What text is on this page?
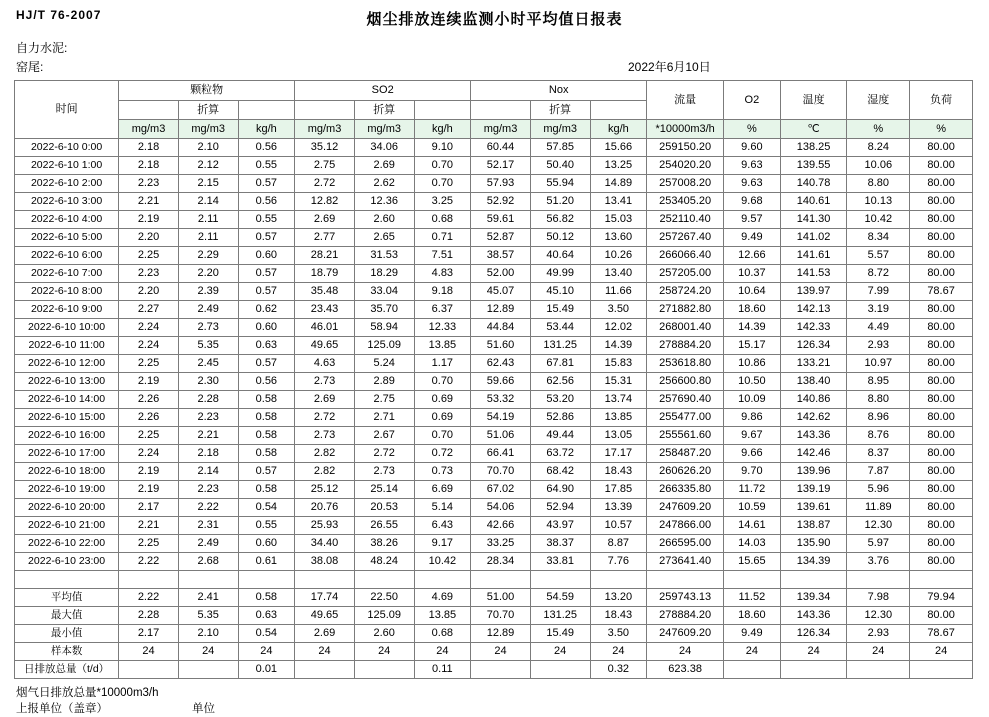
HJ/T 76-2007	烟尘排放连续监测小时平均值日报表
自力水泥:
窑尾:	2022年6月10日
时间	颗粒物			SO2			Nox			流量	O2	温度	湿度	负荷
		折算			折算			折算						
	mg/m3	mg/m3	kg/h	mg/m3	mg/m3	kg/h	mg/m3	mg/m3	kg/h	*10000m3/h	%	℃	%	%
2022-6-10 0:00	2.18	2.10	0.56	35.12	34.06	9.10	60.44	57.85	15.66	259150.20	9.60	138.25	8.24	80.00
2022-6-10 1:00	2.18	2.12	0.55	2.75	2.69	0.70	52.17	50.40	13.25	254020.20	9.63	139.55	10.06	80.00
2022-6-10 2:00	2.23	2.15	0.57	2.72	2.62	0.70	57.93	55.94	14.89	257008.20	9.63	140.78	8.80	80.00
2022-6-10 3:00	2.21	2.14	0.56	12.82	12.36	3.25	52.92	51.20	13.41	253405.20	9.68	140.61	10.13	80.00
2022-6-10 4:00	2.19	2.11	0.55	2.69	2.60	0.68	59.61	56.82	15.03	252110.40	9.57	141.30	10.42	80.00
2022-6-10 5:00	2.20	2.11	0.57	2.77	2.65	0.71	52.87	50.12	13.60	257267.40	9.49	141.02	8.34	80.00
2022-6-10 6:00	2.25	2.29	0.60	28.21	31.53	7.51	38.57	40.64	10.26	266066.40	12.66	141.61	5.57	80.00
2022-6-10 7:00	2.23	2.20	0.57	18.79	18.29	4.83	52.00	49.99	13.40	257205.00	10.37	141.53	8.72	80.00
2022-6-10 8:00	2.20	2.39	0.57	35.48	33.04	9.18	45.07	45.10	11.66	258724.20	10.64	139.97	7.99	78.67
2022-6-10 9:00	2.27	2.49	0.62	23.43	35.70	6.37	12.89	15.49	3.50	271882.80	18.60	142.13	3.19	80.00
2022-6-10 10:00	2.24	2.73	0.60	46.01	58.94	12.33	44.84	53.44	12.02	268001.40	14.39	142.33	4.49	80.00
2022-6-10 11:00	2.24	5.35	0.63	49.65	125.09	13.85	51.60	131.25	14.39	278884.20	15.17	126.34	2.93	80.00
2022-6-10 12:00	2.25	2.45	0.57	4.63	5.24	1.17	62.43	67.81	15.83	253618.80	10.86	133.21	10.97	80.00
2022-6-10 13:00	2.19	2.30	0.56	2.73	2.89	0.70	59.66	62.56	15.31	256600.80	10.50	138.40	8.95	80.00
2022-6-10 14:00	2.26	2.28	0.58	2.69	2.75	0.69	53.32	53.20	13.74	257690.40	10.09	140.86	8.80	80.00
2022-6-10 15:00	2.26	2.23	0.58	2.72	2.71	0.69	54.19	52.86	13.85	255477.00	9.86	142.62	8.96	80.00
2022-6-10 16:00	2.25	2.21	0.58	2.73	2.67	0.70	51.06	49.44	13.05	255561.60	9.67	143.36	8.76	80.00
2022-6-10 17:00	2.24	2.18	0.58	2.82	2.72	0.72	66.41	63.72	17.17	258487.20	9.66	142.46	8.37	80.00
2022-6-10 18:00	2.19	2.14	0.57	2.82	2.73	0.73	70.70	68.42	18.43	260626.20	9.70	139.96	7.87	80.00
2022-6-10 19:00	2.19	2.23	0.58	25.12	25.14	6.69	67.02	64.90	17.85	266335.80	11.72	139.19	5.96	80.00
2022-6-10 20:00	2.17	2.22	0.54	20.76	20.53	5.14	54.06	52.94	13.39	247609.20	10.59	139.61	11.89	80.00
2022-6-10 21:00	2.21	2.31	0.55	25.93	26.55	6.43	42.66	43.97	10.57	247866.00	14.61	138.87	12.30	80.00
2022-6-10 22:00	2.25	2.49	0.60	34.40	38.26	9.17	33.25	38.37	8.87	266595.00	14.03	135.90	5.97	80.00
2022-6-10 23:00	2.22	2.68	0.61	38.08	48.24	10.42	28.34	33.81	7.76	273641.40	15.65	134.39	3.76	80.00

平均值	2.22	2.41	0.58	17.74	22.50	4.69	51.00	54.59	13.20	259743.13	11.52	139.34	7.98	79.94
最大值	2.28	5.35	0.63	49.65	125.09	13.85	70.70	131.25	18.43	278884.20	18.60	143.36	12.30	80.00
最小值	2.17	2.10	0.54	2.69	2.60	0.68	12.89	15.49	3.50	247609.20	9.49	126.34	2.93	78.67
样本数	24	24	24	24	24	24	24	24	24	24	24	24	24	24
日排放总量（t/d）			0.01			0.11			0.32	623.38				
烟气日排放总量*10000m3/h
上报单位（盖章）	单位
